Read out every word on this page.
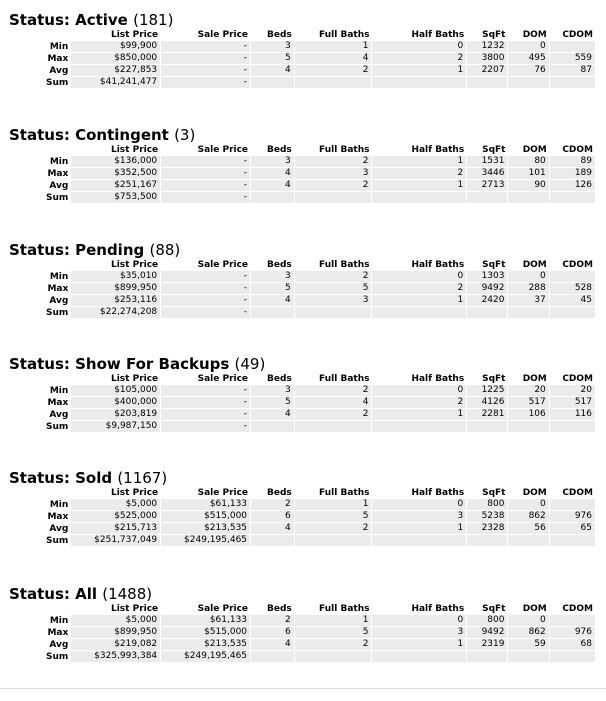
Status: Active (181)
	List Price	Sale Price	Beds	Full Baths	Half Baths	SqFt	DOM	CDOM
Min	$99,900	-	3	1	0	1232	0	
Max	$850,000	-	5	4	2	3800	495	559
Avg	$227,853	-	4	2	1	2207	76	87
Sum	$41,241,477	-						
Status: Contingent (3)
	List Price	Sale Price	Beds	Full Baths	Half Baths	SqFt	DOM	CDOM
Min	$136,000	-	3	2	1	1531	80	89
Max	$352,500	-	4	3	2	3446	101	189
Avg	$251,167	-	4	2	1	2713	90	126
Sum	$753,500	-						
Status: Pending (88)
	List Price	Sale Price	Beds	Full Baths	Half Baths	SqFt	DOM	CDOM
Min	$35,010	-	3	2	0	1303	0	
Max	$899,950	-	5	5	2	9492	288	528
Avg	$253,116	-	4	3	1	2420	37	45
Sum	$22,274,208	-						
Status: Show For Backups (49)
	List Price	Sale Price	Beds	Full Baths	Half Baths	SqFt	DOM	CDOM
Min	$105,000	-	3	2	0	1225	20	20
Max	$400,000	-	5	4	2	4126	517	517
Avg	$203,819	-	4	2	1	2281	106	116
Sum	$9,987,150	-						
Status: Sold (1167)
	List Price	Sale Price	Beds	Full Baths	Half Baths	SqFt	DOM	CDOM
Min	$5,000	$61,133	2	1	0	800	0	
Max	$525,000	$515,000	6	5	3	5238	862	976
Avg	$215,713	$213,535	4	2	1	2328	56	65
Sum	$251,737,049	$249,195,465						
Status: All (1488)
	List Price	Sale Price	Beds	Full Baths	Half Baths	SqFt	DOM	CDOM
Min	$5,000	$61,133	2	1	0	800	0	
Max	$899,950	$515,000	6	5	3	9492	862	976
Avg	$219,082	$213,535	4	2	1	2319	59	68
Sum	$325,993,384	$249,195,465						
